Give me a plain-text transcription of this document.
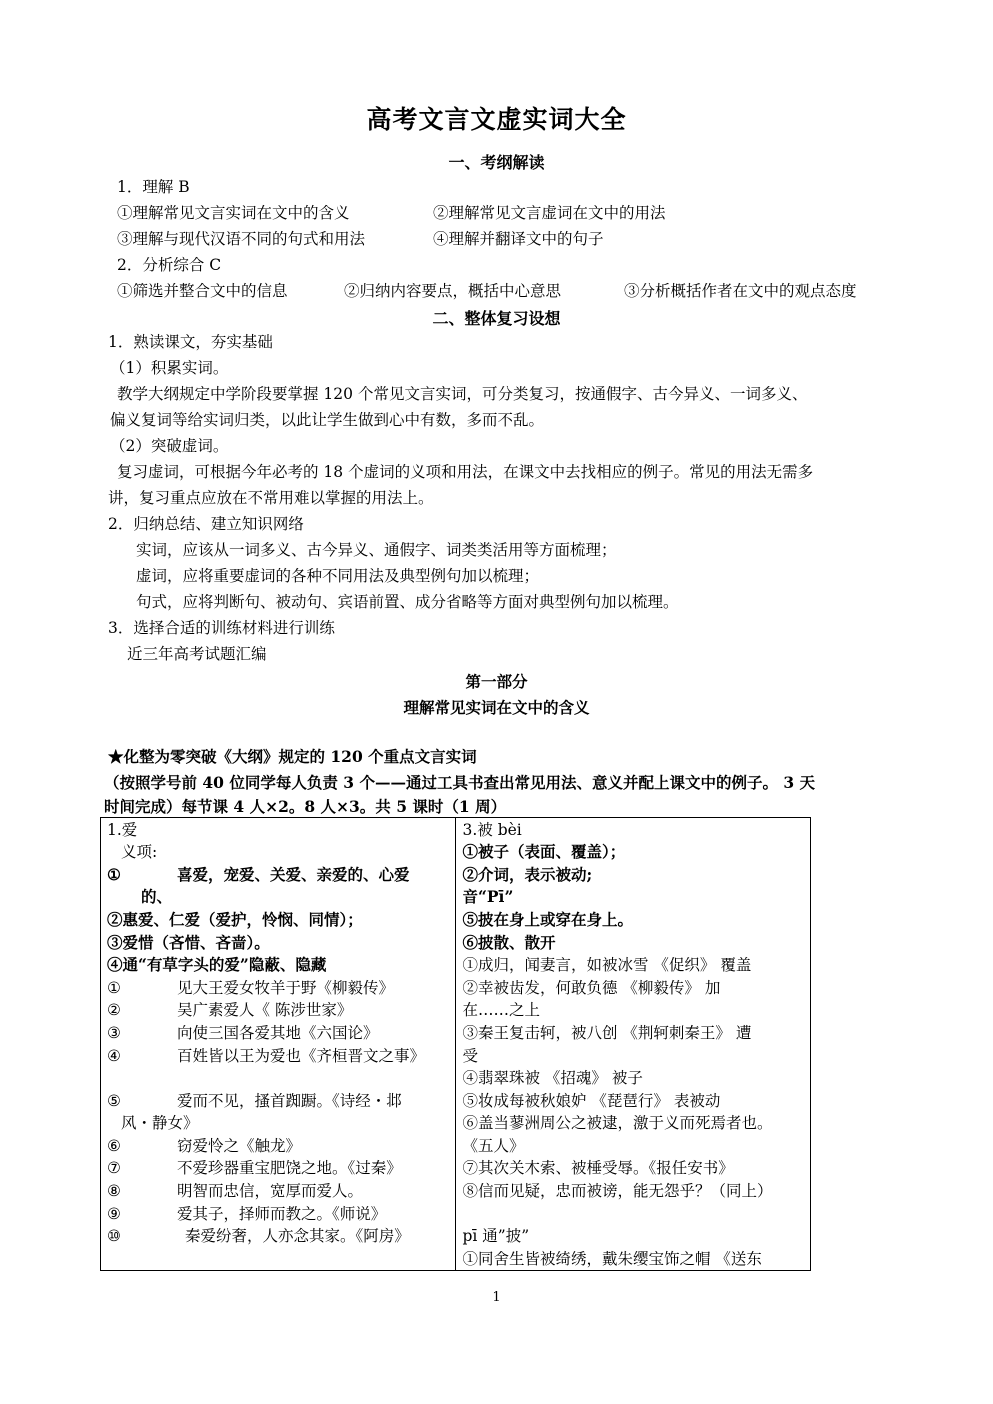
高考文言文虚实词大全
一、考纲解读
1．理解 B
①理解常见文言实词在文中的含义	②理解常见文言虚词在文中的用法
③理解与现代汉语不同的句式和用法	④理解并翻译文中的句子
2．分析综合 C
①筛选并整合文中的信息	②归纳内容要点，概括中心意思	③分析概括作者在文中的观点态度
二、整体复习设想
1．熟读课文，夯实基础
（1）积累实词。
教学大纲规定中学阶段要掌握 120 个常见文言实词，可分类复习，按通假字、古今异义、一词多义、
偏义复词等给实词归类，以此让学生做到心中有数，多而不乱。
（2）突破虚词。
复习虚词，可根据今年必考的 18 个虚词的义项和用法，在课文中去找相应的例子。常见的用法无需多
讲，复习重点应放在不常用难以掌握的用法上。
2．归纳总结、建立知识网络
实词，应该从一词多义、古今异义、通假字、词类类活用等方面梳理；
虚词，应将重要虚词的各种不同用法及典型例句加以梳理；
句式，应将判断句、被动句、宾语前置、成分省略等方面对典型例句加以梳理。
3．选择合适的训练材料进行训练
近三年高考试题汇编
第一部分
理解常见实词在文中的含义
★化整为零突破《大纲》规定的 120 个重点文言实词
（按照学号前 40 位同学每人负责 3 个——通过工具书查出常见用法、意义并配上课文中的例子。 3 天
时间完成）每节课 4 人×2。8 人×3。共 5 课时（1 周）
1.爱
义项:
①	喜爱，宠爱、关爱、亲爱的、心爱
的、
②惠爱、仁爱（爱护，怜悯、同情）；
③爱惜（吝惜、吝啬）。
④通“有草字头的爱”隐蔽、隐藏
①	见大王爱女牧羊于野《柳毅传》
②	吴广素爱人《 陈涉世家》
③	向使三国各爱其地《六国论》
④	百姓皆以王为爱也《齐桓晋文之事》
⑤	爱而不见，搔首踟蹰。《诗经・邶
风・静女》
⑥	窃爱怜之《触龙》
⑦	不爱珍器重宝肥饶之地。《过秦》
⑧	明智而忠信，宽厚而爱人。
⑨	爱其子，择师而教之。《师说》
⑩	秦爱纷奢，人亦念其家。《阿房》

3.被 bèi
①被子（表面、覆盖）；
②介词，表示被动;
音“Pī”
⑤披在身上或穿在身上。
⑥披散、散开
①成归，闻妻言，如被冰雪 《促织》 覆盖
②幸被齿发，何敢负德 《柳毅传》 加
在……之上
③秦王复击轲，被八创 《荆轲刺秦王》 遭
受
④翡翠珠被 《招魂》 被子
⑤妆成每被秋娘妒 《琵琶行》 表被动
⑥盖当蓼洲周公之被逮，激于义而死焉者也。
《五人》
⑦其次关木索、被棰受辱。《报任安书》
⑧信而见疑，忠而被谤，能无怨乎？（同上）
pī 通”披”
①同舍生皆被绮绣，戴朱缨宝饰之帽 《送东
1
